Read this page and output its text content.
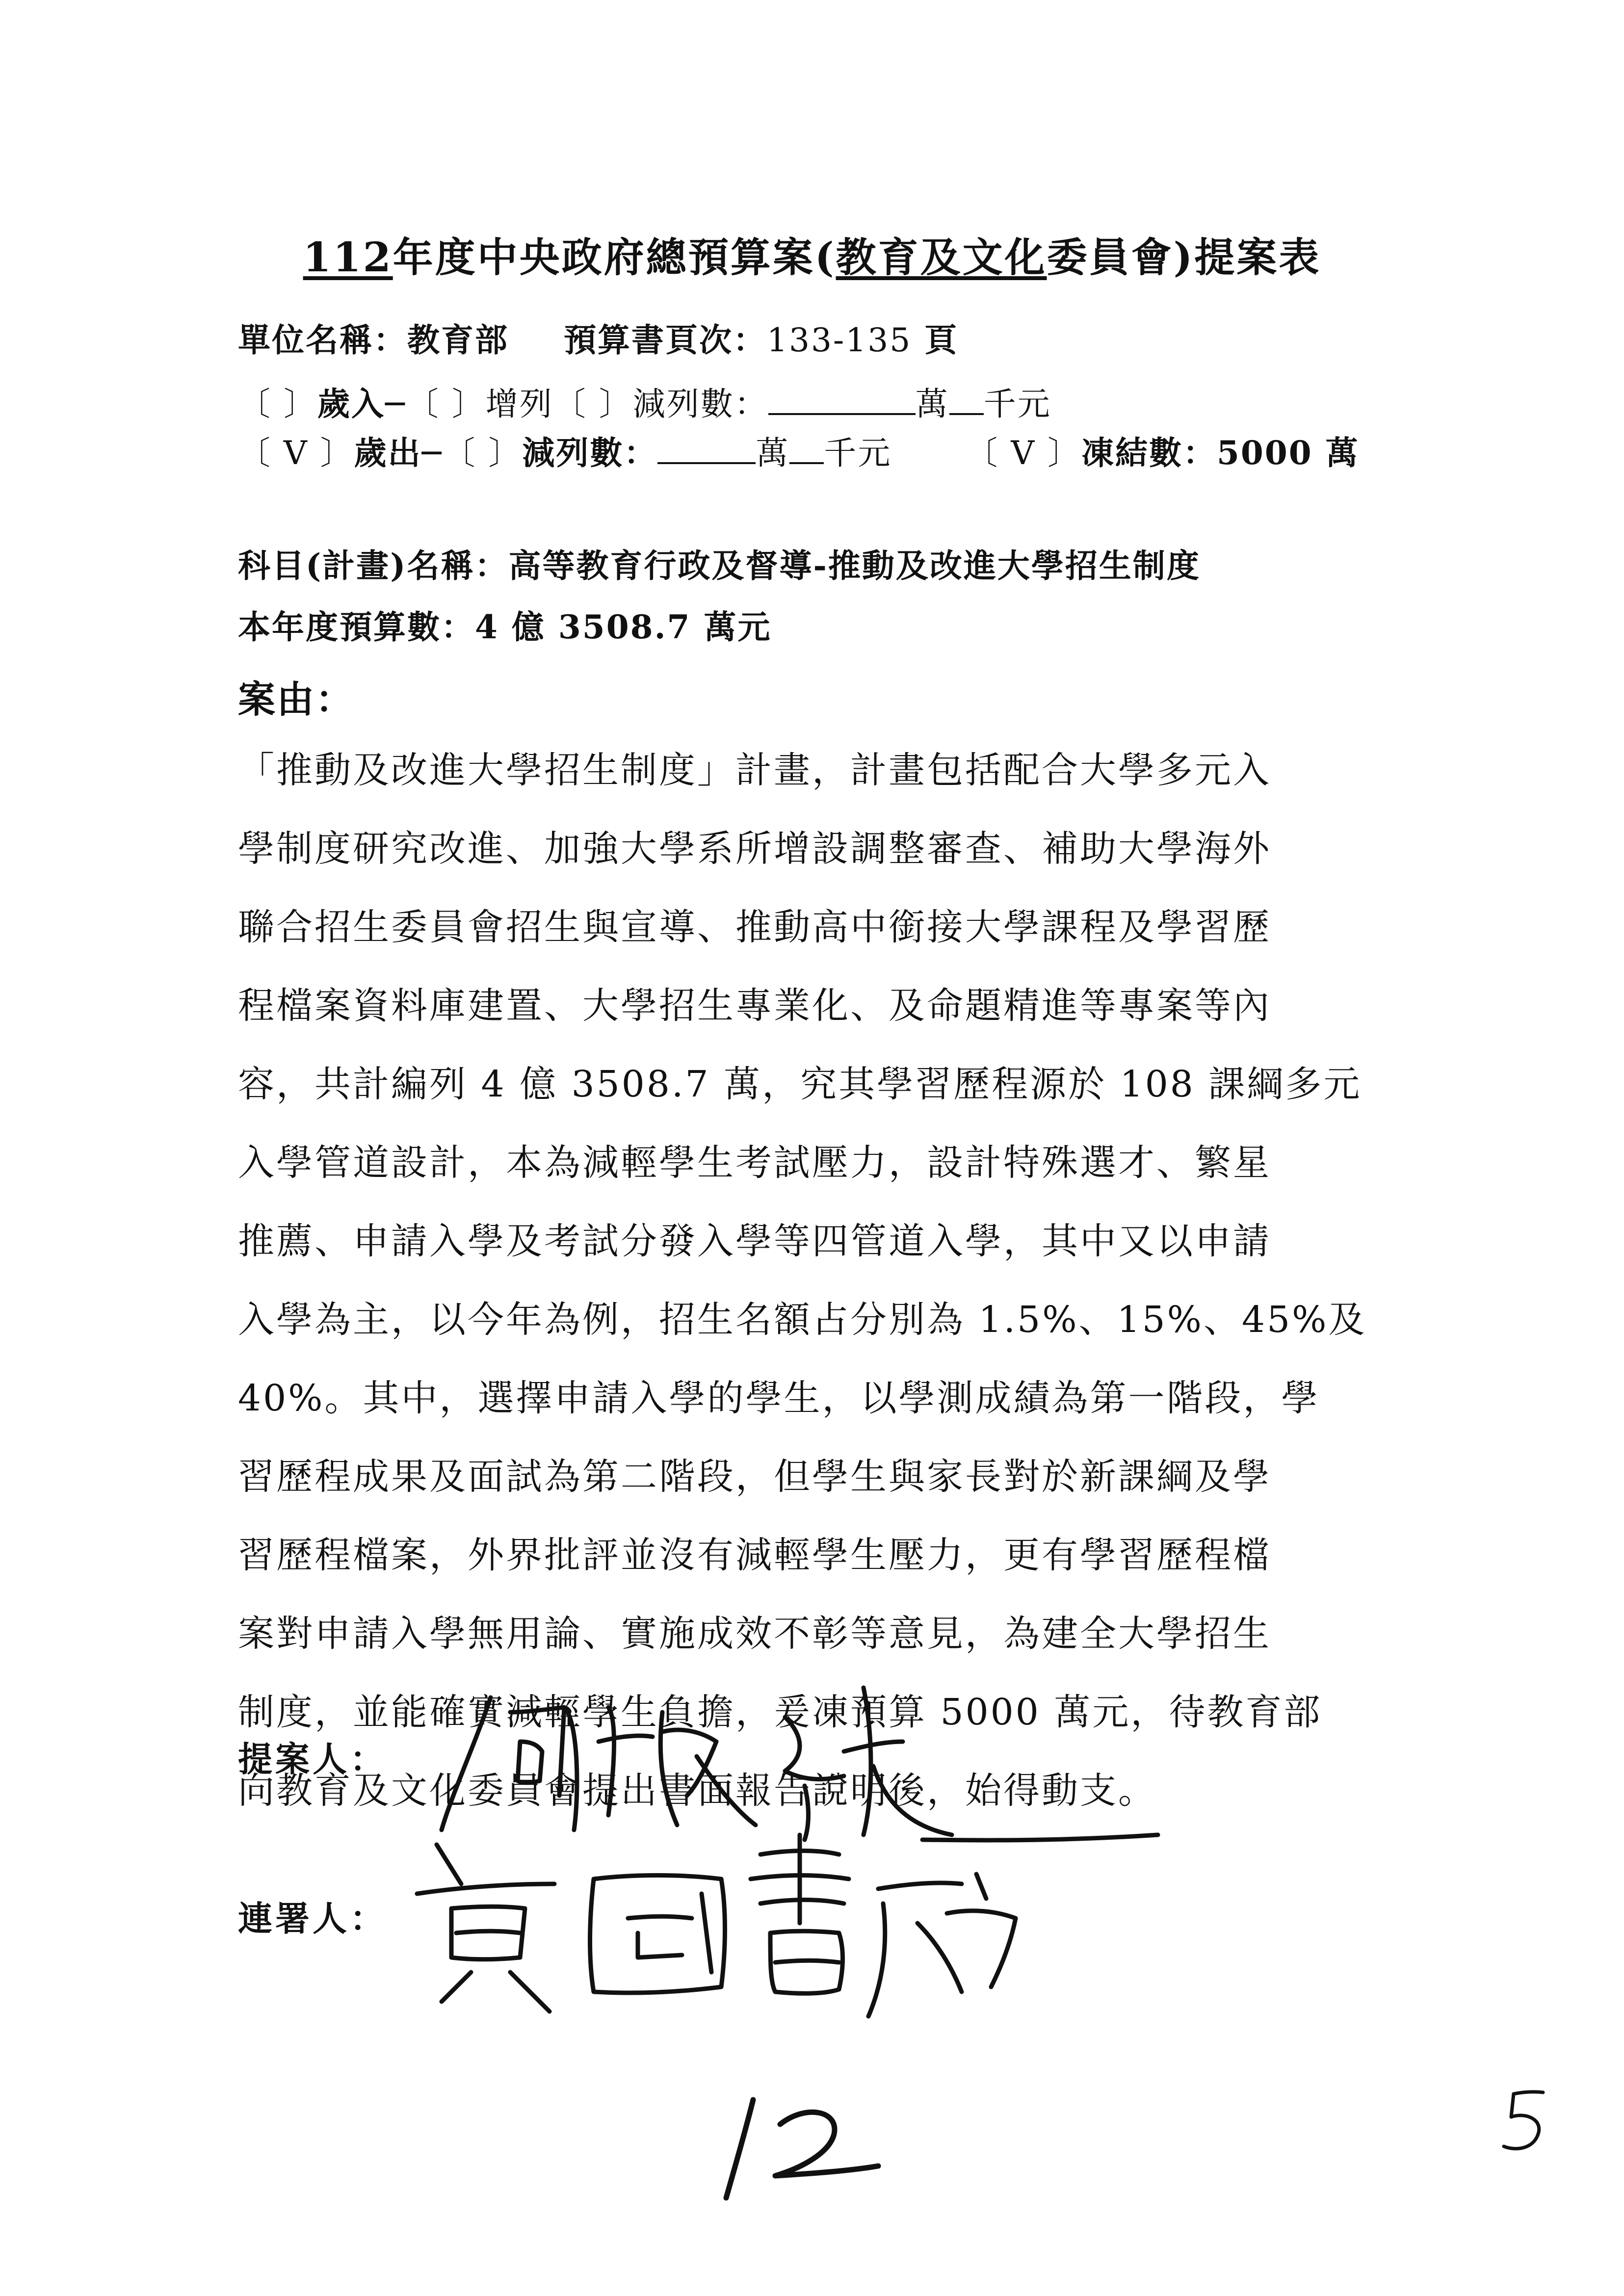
112年度中央政府總預算案(教育及文化委員會)提案表
單位名稱：教育部 預算書頁次：133-135 頁
〔 〕歲入─〔 〕增列〔 〕減列數：	萬 千元
〔 V 〕歲出─〔 〕減列數：	萬 千元 〔 V 〕凍結數：5000 萬
科目(計畫)名稱：高等教育行政及督導-推動及改進大學招生制度
本年度預算數：4 億 3508.7 萬元
案由：
「推動及改進大學招生制度」計畫，計畫包括配合大學多元入
學制度研究改進、加強大學系所增設調整審查、補助大學海外
聯合招生委員會招生與宣導、推動高中銜接大學課程及學習歷
程檔案資料庫建置、大學招生專業化、及命題精進等專案等內
容，共計編列 4 億 3508.7 萬，究其學習歷程源於 108 課綱多元
入學管道設計，本為減輕學生考試壓力，設計特殊選才、繁星
推薦、申請入學及考試分發入學等四管道入學，其中又以申請
入學為主，以今年為例，招生名額占分別為 1.5%、15%、45%及
40%。其中，選擇申請入學的學生，以學測成績為第一階段，學
習歷程成果及面試為第二階段，但學生與家長對於新課綱及學
習歷程檔案，外界批評並沒有減輕學生壓力，更有學習歷程檔
案對申請入學無用論、實施成效不彰等意見，為建全大學招生
制度，並能確實減輕學生負擔，爰凍預算 5000 萬元，待教育部
向教育及文化委員會提出書面報告說明後，始得動支。
提案人：
連署人：
